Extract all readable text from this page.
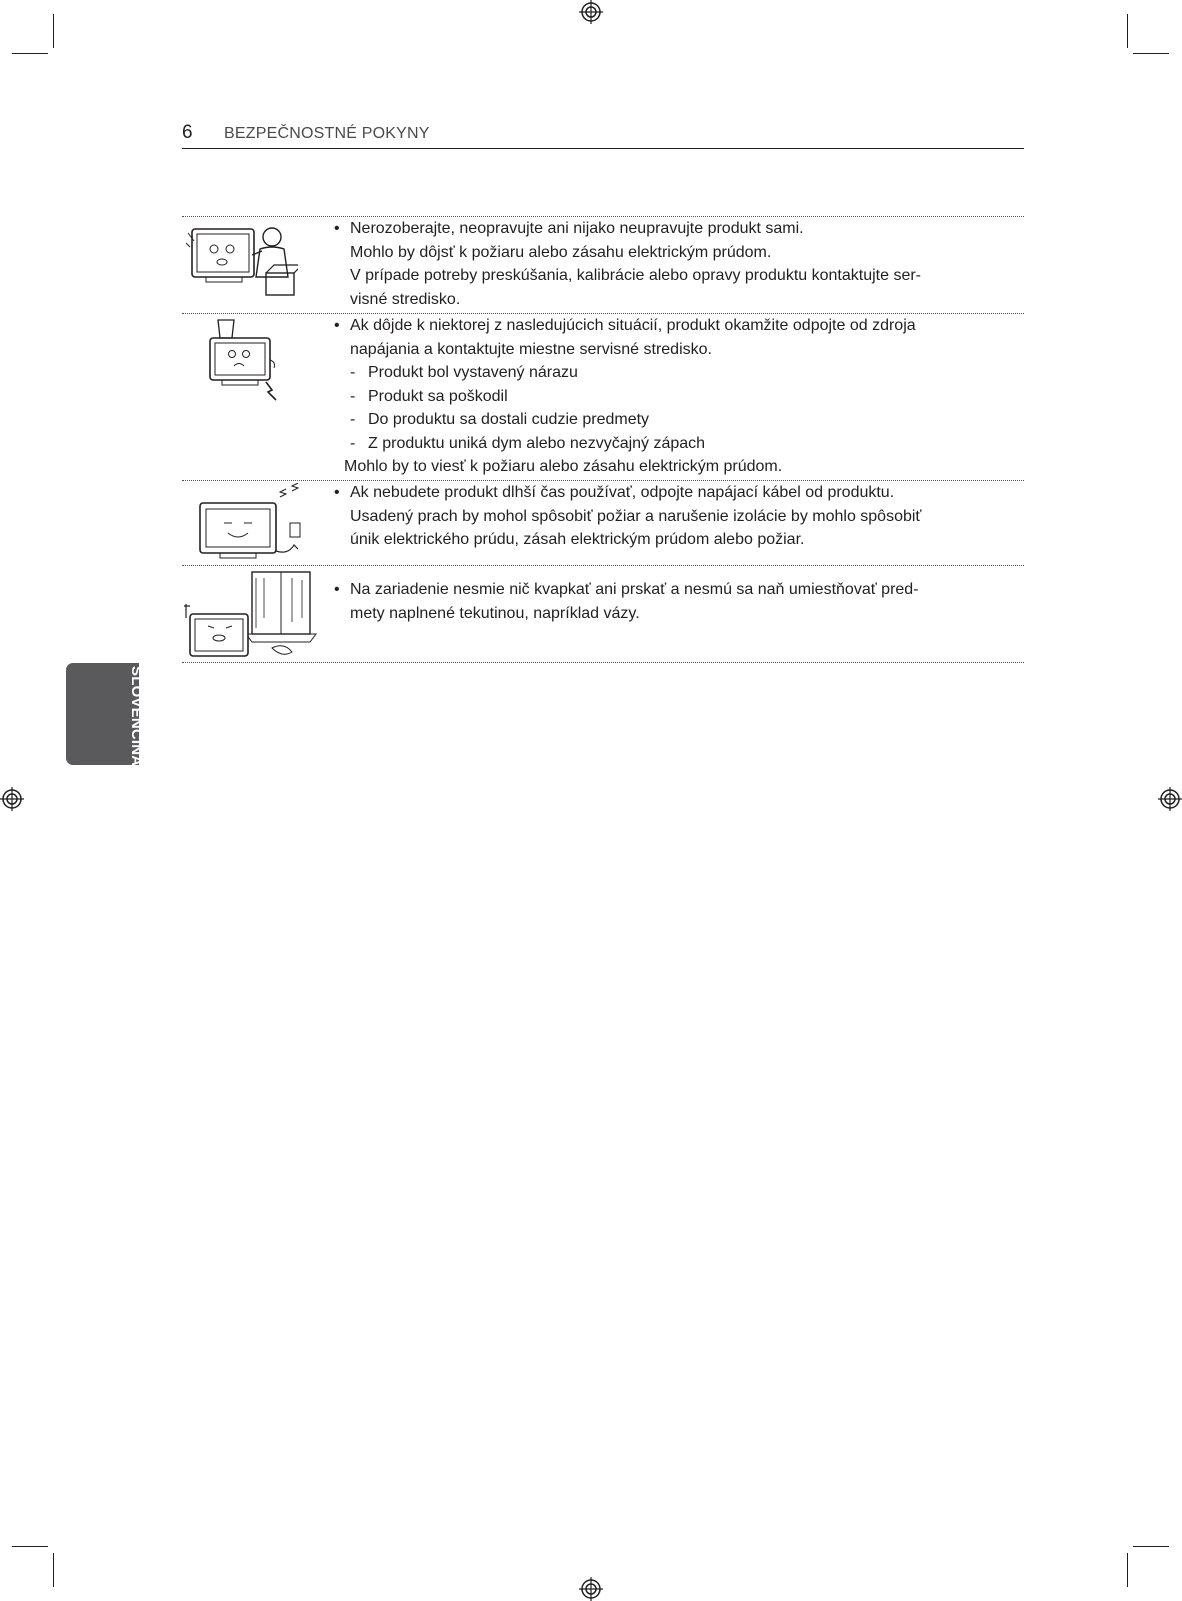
6 BEZPEČNOSTNÉ POKYNY
SLOVENČINA
• Nerozoberajte, neopravujte ani nijako neupravujte produkt sami.
Mohlo by dôjsť k požiaru alebo zásahu elektrickým prúdom.
V prípade potreby preskúšania, kalibrácie alebo opravy produktu kontaktujte ser-
visné stredisko.
• Ak dôjde k niektorej z nasledujúcich situácií, produkt okamžite odpojte od zdroja
napájania a kontaktujte miestne servisné stredisko.
- Produkt bol vystavený nárazu
- Produkt sa poškodil
- Do produktu sa dostali cudzie predmety
- Z produktu uniká dym alebo nezvyčajný zápach
Mohlo by to viesť k požiaru alebo zásahu elektrickým prúdom.
• Ak nebudete produkt dlhší čas používať, odpojte napájací kábel od produktu.
Usadený prach by mohol spôsobiť požiar a narušenie izolácie by mohlo spôsobiť
únik elektrického prúdu, zásah elektrickým prúdom alebo požiar.
• Na zariadenie nesmie nič kvapkať ani prskať a nesmú sa naň umiestňovať pred-
mety naplnené tekutinou, napríklad vázy.
